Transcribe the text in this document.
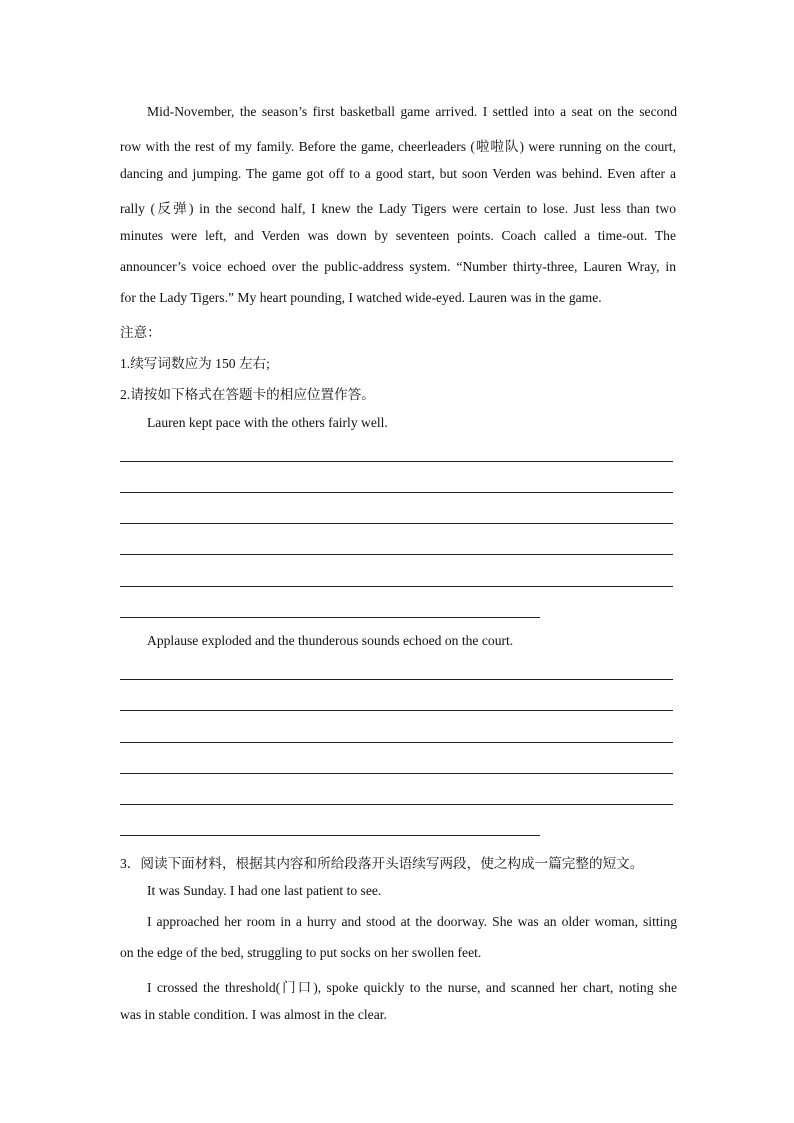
Mid-November, the season’s first basketball game arrived. I settled into a seat on the second
row with the rest of my family. Before the game, cheerleaders (啦啦队) were running on the court,
dancing and jumping. The game got off to a good start, but soon Verden was behind. Even after a
rally (反弹) in the second half, I knew the Lady Tigers were certain to lose. Just less than two
minutes were left, and Verden was down by seventeen points. Coach called a time-out. The
announcer’s voice echoed over the public-address system. “Number thirty-three, Lauren Wray, in
for the Lady Tigers.” My heart pounding, I watched wide-eyed. Lauren was in the game.
注意：
1.续写词数应为 150 左右;
2.请按如下格式在答题卡的相应位置作答。
Lauren kept pace with the others fairly well.
Applause exploded and the thunderous sounds echoed on the court.
3．阅读下面材料，根据其内容和所给段落开头语续写两段，使之构成一篇完整的短文。
It was Sunday. I had one last patient to see.
I approached her room in a hurry and stood at the doorway. She was an older woman, sitting
on the edge of the bed, struggling to put socks on her swollen feet.
I crossed the threshold(门口), spoke quickly to the nurse, and scanned her chart, noting she
was in stable condition. I was almost in the clear.
